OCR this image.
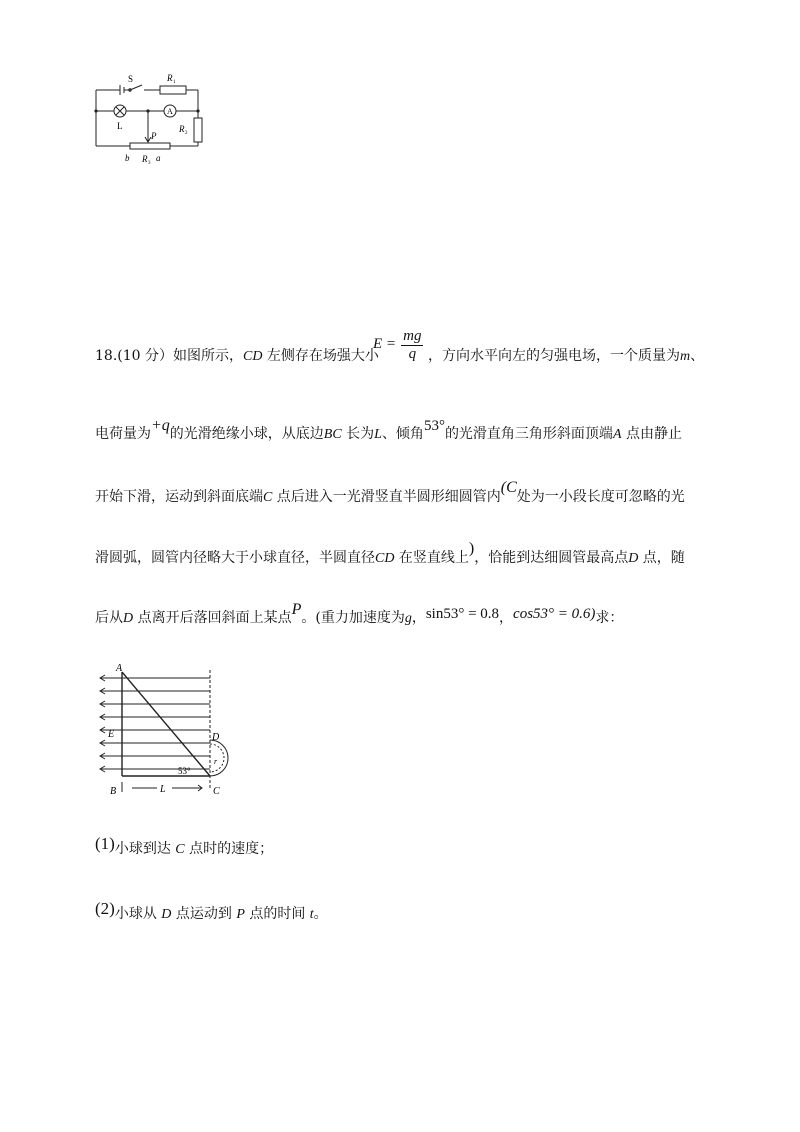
S	R 1
L
A
R 2
P
b R 3
a
18.(10 分）如图所示，CD 左侧存在场强大小
$E = \frac{mg}{q}$ ，方向水平向左的匀强电场，一个质量为m、
电荷量为+q的光滑绝缘小球，从底边BC 长为L、倾角53°的光滑直角三角形斜面顶端A 点由静止
开始下滑，运动到斜面底端C 点后进入一光滑竖直半圆形细圆管内(C处为一小段长度可忽略的光
滑圆弧，圆管内径略大于小球直径，半圆直径CD 在竖直线上)，恰能到达细圆管最高点D 点，随
后从D 点离开后落回斜面上某点P。(重力加速度为g，sin53° = 0.8，cos53° = 0.6)求：
A
E	D
53°
r
B	L	C
(1)小球到达 C 点时的速度；
(2)小球从 D 点运动到 P 点的时间 t。
